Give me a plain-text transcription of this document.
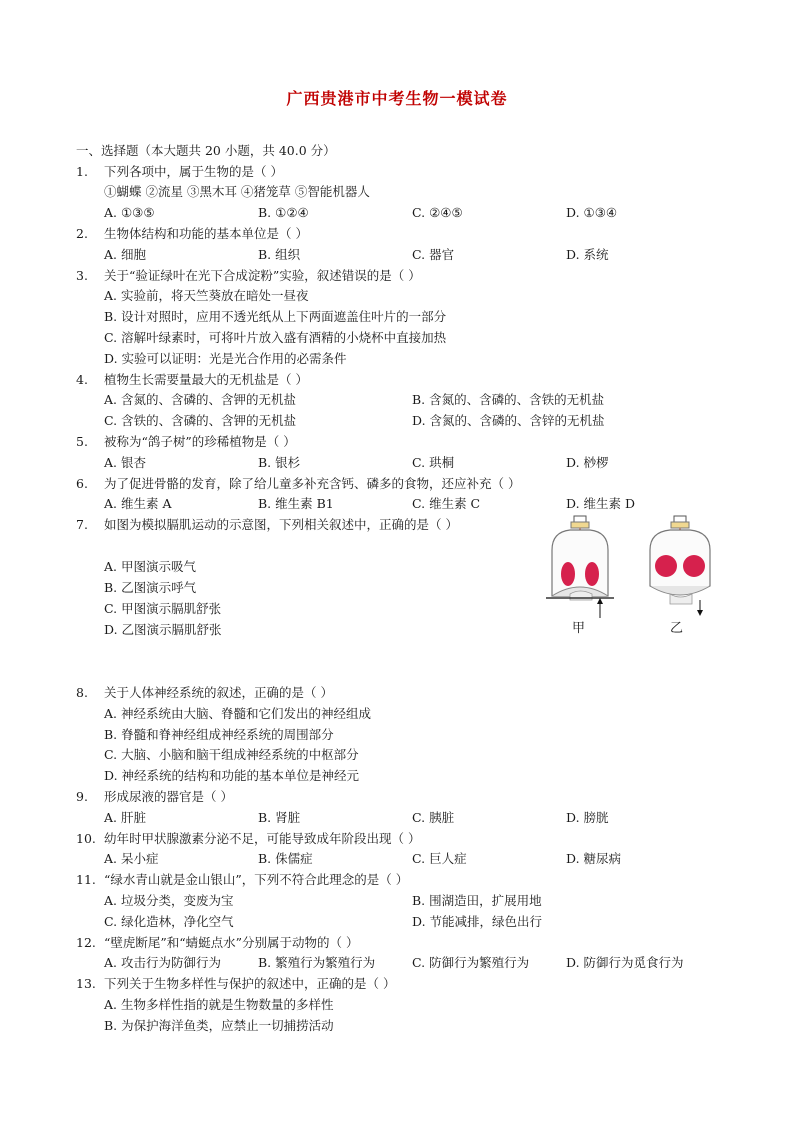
广西贵港市中考生物一模试卷
一、选择题（本大题共 20 小题，共 40.0 分）
1. 下列各项中，属于生物的是（ ）
①蝴蝶 ②流星 ③黑木耳 ④猪笼草 ⑤智能机器人
A. ①③⑤	B. ①②④	C. ②④⑤	D. ①③④
2. 生物体结构和功能的基本单位是（ ）
A. 细胞	B. 组织	C. 器官	D. 系统
3. 关于“验证绿叶在光下合成淀粉”实验，叙述错误的是（ ）
A. 实验前，将天竺葵放在暗处一昼夜
B. 设计对照时，应用不透光纸从上下两面遮盖住叶片的一部分
C. 溶解叶绿素时，可将叶片放入盛有酒精的小烧杯中直接加热
D. 实验可以证明：光是光合作用的必需条件
4. 植物生长需要量最大的无机盐是（ ）
A. 含氮的、含磷的、含钾的无机盐	B. 含氮的、含磷的、含铁的无机盐
C. 含铁的、含磷的、含钾的无机盐	D. 含氮的、含磷的、含锌的无机盐
5. 被称为“鸽子树”的珍稀植物是（ ）
A. 银杏	B. 银杉	C. 珙桐	D. 桫椤
6. 为了促进骨骼的发育，除了给儿童多补充含钙、磷多的食物，还应补充（ ）
A. 维生素 A	B. 维生素 B1	C. 维生素 C	D. 维生素 D
7. 如图为模拟膈肌运动的示意图，下列相关叙述中，正确的是（ ）
A. 甲图演示吸气
B. 乙图演示呼气
C. 甲图演示膈肌舒张
D. 乙图演示膈肌舒张	甲	乙
8. 关于人体神经系统的叙述，正确的是（ ）
A. 神经系统由大脑、脊髓和它们发出的神经组成
B. 脊髓和脊神经组成神经系统的周围部分
C. 大脑、小脑和脑干组成神经系统的中枢部分
D. 神经系统的结构和功能的基本单位是神经元
9. 形成尿液的器官是（ ）
A. 肝脏	B. 肾脏	C. 胰脏	D. 膀胱
10. 幼年时甲状腺激素分泌不足，可能导致成年阶段出现（ ）
A. 呆小症	B. 侏儒症	C. 巨人症	D. 糖尿病
11. “绿水青山就是金山银山”，下列不符合此理念的是（ ）
A. 垃圾分类，变废为宝	B. 围湖造田，扩展用地
C. 绿化造林，净化空气	D. 节能减排，绿色出行
12. “壁虎断尾”和“蜻蜓点水”分别属于动物的（ ）
A. 攻击行为防御行为	B. 繁殖行为繁殖行为	C. 防御行为繁殖行为	D. 防御行为觅食行为
13. 下列关于生物多样性与保护的叙述中，正确的是（ ）
A. 生物多样性指的就是生物数量的多样性
B. 为保护海洋鱼类，应禁止一切捕捞活动
